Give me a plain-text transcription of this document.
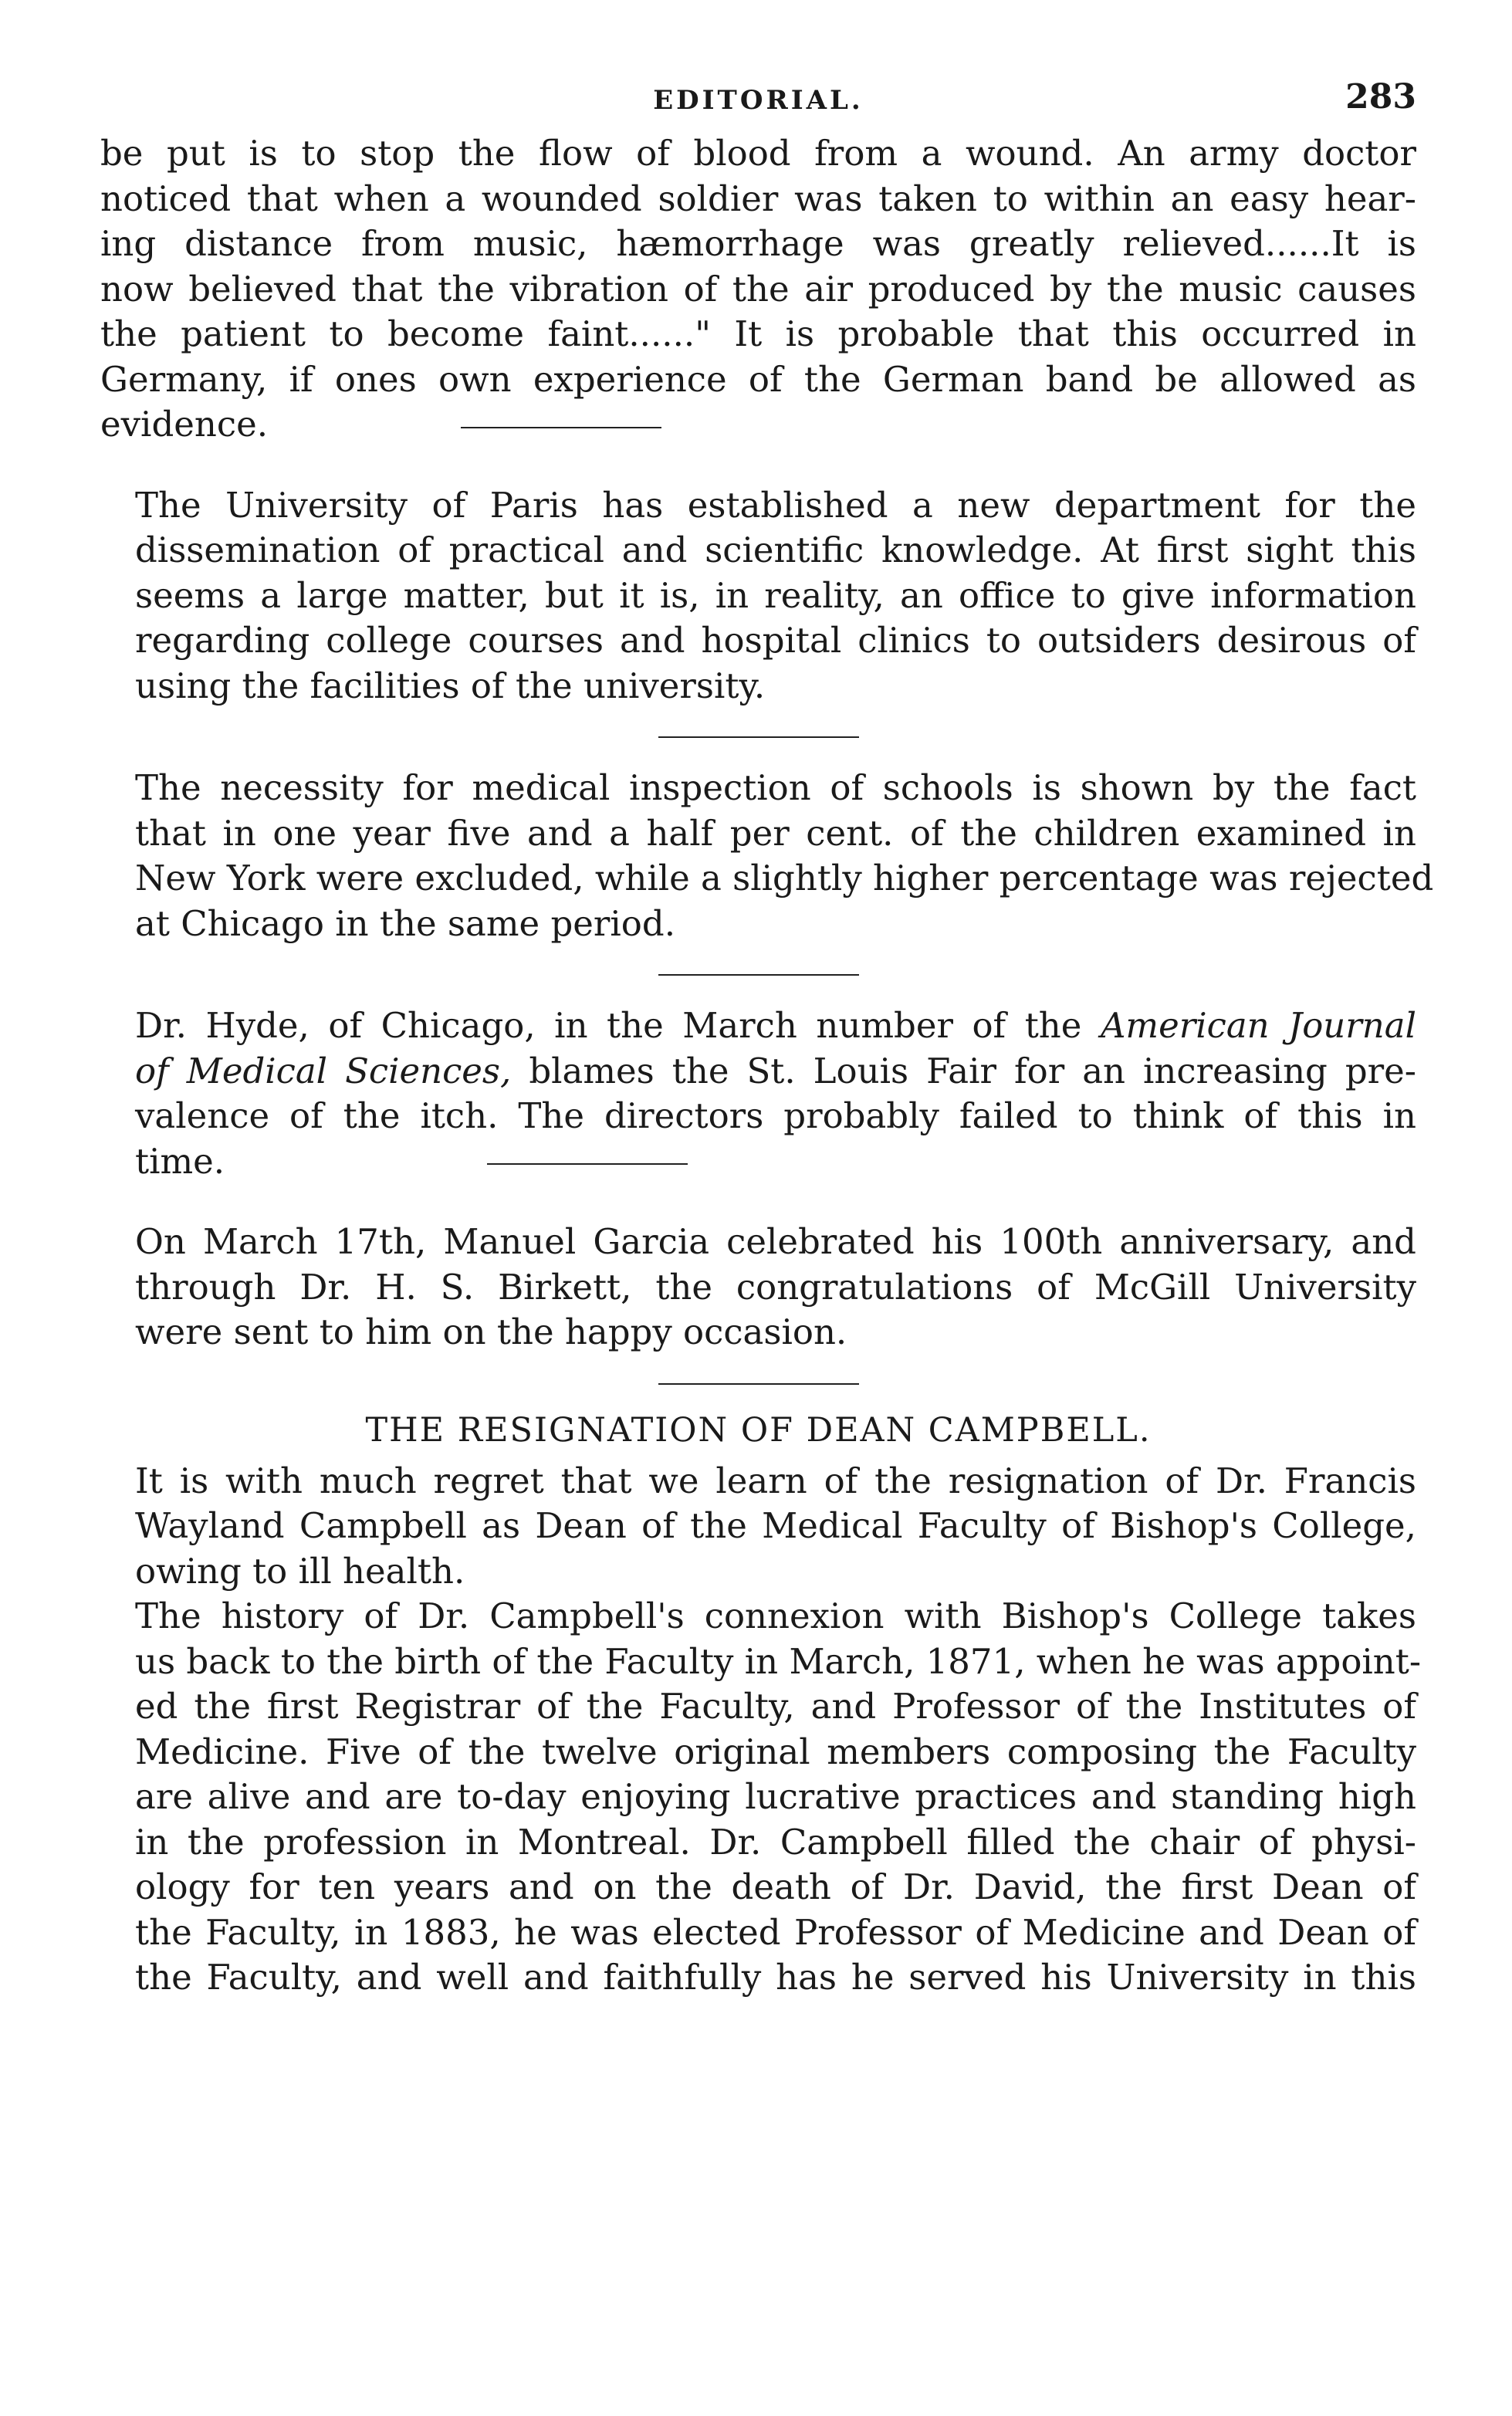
EDITORIAL.	283
be put is to stop the flow of blood from a wound. An army doctor
noticed that when a wounded soldier was taken to within an easy hear-
ing distance from music, hæmorrhage was greatly relieved......It is
now believed that the vibration of the air produced by the music causes
the patient to become faint......" It is probable that this occurred in
Germany, if ones own experience of the German band be allowed as
evidence.
The University of Paris has established a new department for the
dissemination of practical and scientific knowledge. At first sight this
seems a large matter, but it is, in reality, an office to give information
regarding college courses and hospital clinics to outsiders desirous of
using the facilities of the university.
The necessity for medical inspection of schools is shown by the fact
that in one year five and a half per cent. of the children examined in
New York were excluded, while a slightly higher percentage was rejected
at Chicago in the same period.
Dr. Hyde, of Chicago, in the March number of the American Journal
of Medical Sciences, blames the St. Louis Fair for an increasing pre-
valence of the itch. The directors probably failed to think of this in
time.
On March 17th, Manuel Garcia celebrated his 100th anniversary, and
through Dr. H. S. Birkett, the congratulations of McGill University
were sent to him on the happy occasion.
THE RESIGNATION OF DEAN CAMPBELL.
It is with much regret that we learn of the resignation of Dr. Francis
Wayland Campbell as Dean of the Medical Faculty of Bishop's College,
owing to ill health.
The history of Dr. Campbell's connexion with Bishop's College takes
us back to the birth of the Faculty in March, 1871, when he was appoint-
ed the first Registrar of the Faculty, and Professor of the Institutes of
Medicine. Five of the twelve original members composing the Faculty
are alive and are to-day enjoying lucrative practices and standing high
in the profession in Montreal. Dr. Campbell filled the chair of physi-
ology for ten years and on the death of Dr. David, the first Dean of
the Faculty, in 1883, he was elected Professor of Medicine and Dean of
the Faculty, and well and faithfully has he served his University in this
